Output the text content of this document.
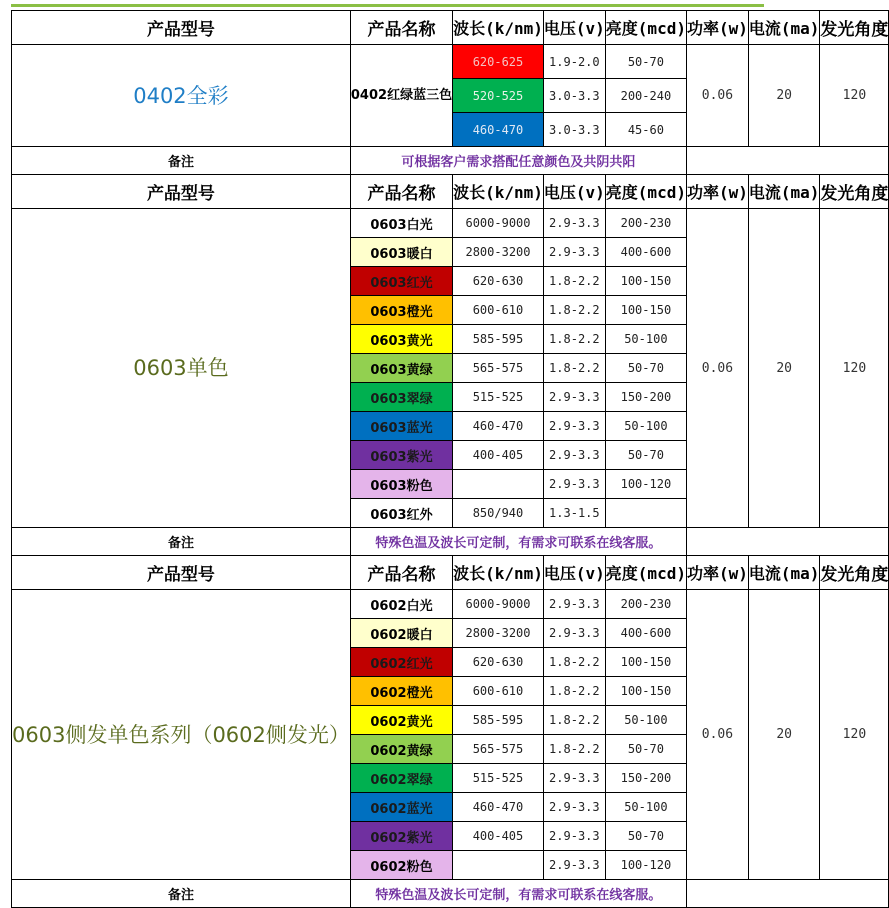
产品型号	产品名称	波长(k/nm)	电压(v)	亮度(mcd)	功率(w)	电流(ma)	发光角度
0402全彩	0402红绿蓝三色	620-625	1.9-2.0	50-70	0.06	20	120
		520-525	3.0-3.3	200-240			
		460-470	3.0-3.3	45-60			
备注	可根据客户需求搭配任意颜色及共阴共阳						
产品型号	产品名称	波长(k/nm)	电压(v)	亮度(mcd)	功率(w)	电流(ma)	发光角度
0603单色	0603白光	6000-9000	2.9-3.3	200-230	0.06	20	120
	0603暖白	2800-3200	2.9-3.3	400-600			
	0603红光	620-630	1.8-2.2	100-150			
	0603橙光	600-610	1.8-2.2	100-150			
	0603黄光	585-595	1.8-2.2	50-100			
	0603黄绿	565-575	1.8-2.2	50-70			
	0603翠绿	515-525	2.9-3.3	150-200			
	0603蓝光	460-470	2.9-3.3	50-100			
	0603紫光	400-405	2.9-3.3	50-70			
	0603粉色		2.9-3.3	100-120			
	0603红外	850/940	1.3-1.5				
备注	特殊色温及波长可定制，有需求可联系在线客服。						
产品型号	产品名称	波长(k/nm)	电压(v)	亮度(mcd)	功率(w)	电流(ma)	发光角度
0603侧发单色系列（0602侧发光）	0602白光	6000-9000	2.9-3.3	200-230	0.06	20	120
	0602暖白	2800-3200	2.9-3.3	400-600			
	0602红光	620-630	1.8-2.2	100-150			
	0602橙光	600-610	1.8-2.2	100-150			
	0602黄光	585-595	1.8-2.2	50-100			
	0602黄绿	565-575	1.8-2.2	50-70			
	0602翠绿	515-525	2.9-3.3	150-200			
	0602蓝光	460-470	2.9-3.3	50-100			
	0602紫光	400-405	2.9-3.3	50-70			
	0602粉色		2.9-3.3	100-120			
备注	特殊色温及波长可定制，有需求可联系在线客服。						
